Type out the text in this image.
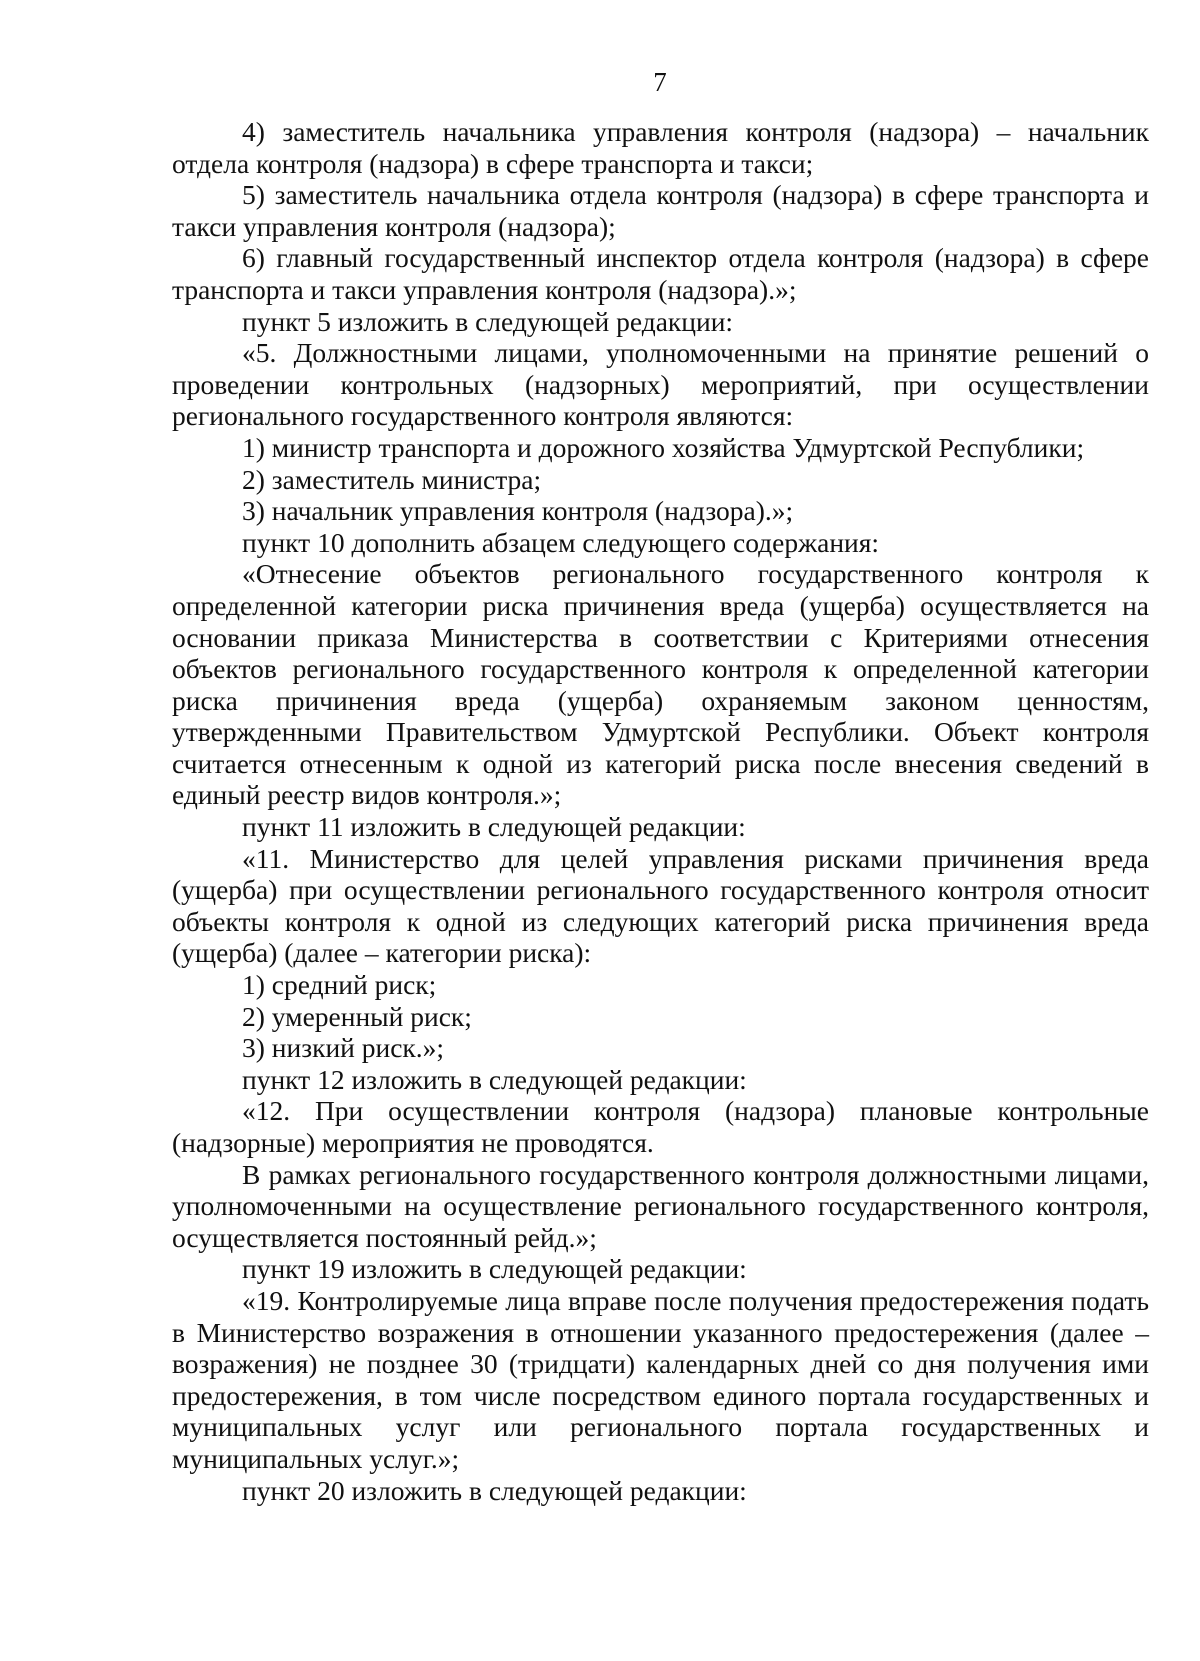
7

4) заместитель начальника управления контроля (надзора) – начальник отдела контроля (надзора) в сфере транспорта и такси;

5) заместитель начальника отдела контроля (надзора) в сфере транспорта и такси управления контроля (надзора);

6) главный государственный инспектор отдела контроля (надзора) в сфере транспорта и такси управления контроля (надзора).»;

пункт 5 изложить в следующей редакции:

«5. Должностными лицами, уполномоченными на принятие решений о проведении контрольных (надзорных) мероприятий, при осуществлении регионального государственного контроля являются:

1) министр транспорта и дорожного хозяйства Удмуртской Республики;

2) заместитель министра;

3) начальник управления контроля (надзора).»;

пункт 10 дополнить абзацем следующего содержания:

«Отнесение объектов регионального государственного контроля к определенной категории риска причинения вреда (ущерба) осуществляется на основании приказа Министерства в соответствии с Критериями отнесения объектов регионального государственного контроля к определенной категории риска причинения вреда (ущерба) охраняемым законом ценностям, утвержденными Правительством Удмуртской Республики. Объект контроля считается отнесенным к одной из категорий риска после внесения сведений в единый реестр видов контроля.»;

пункт 11 изложить в следующей редакции:

«11. Министерство для целей управления рисками причинения вреда (ущерба) при осуществлении регионального государственного контроля относит объекты контроля к одной из следующих категорий риска причинения вреда (ущерба) (далее – категории риска):

1) средний риск;

2) умеренный риск;

3) низкий риск.»;

пункт 12 изложить в следующей редакции:

«12. При осуществлении контроля (надзора) плановые контрольные (надзорные) мероприятия не проводятся.

В рамках регионального государственного контроля должностными лицами, уполномоченными на осуществление регионального государственного контроля, осуществляется постоянный рейд.»;

пункт 19 изложить в следующей редакции:

«19. Контролируемые лица вправе после получения предостережения подать в Министерство возражения в отношении указанного предостережения (далее – возражения) не позднее 30 (тридцати) календарных дней со дня получения ими предостережения, в том числе посредством единого портала государственных и муниципальных услуг или регионального портала государственных и муниципальных услуг.»;

пункт 20 изложить в следующей редакции:
